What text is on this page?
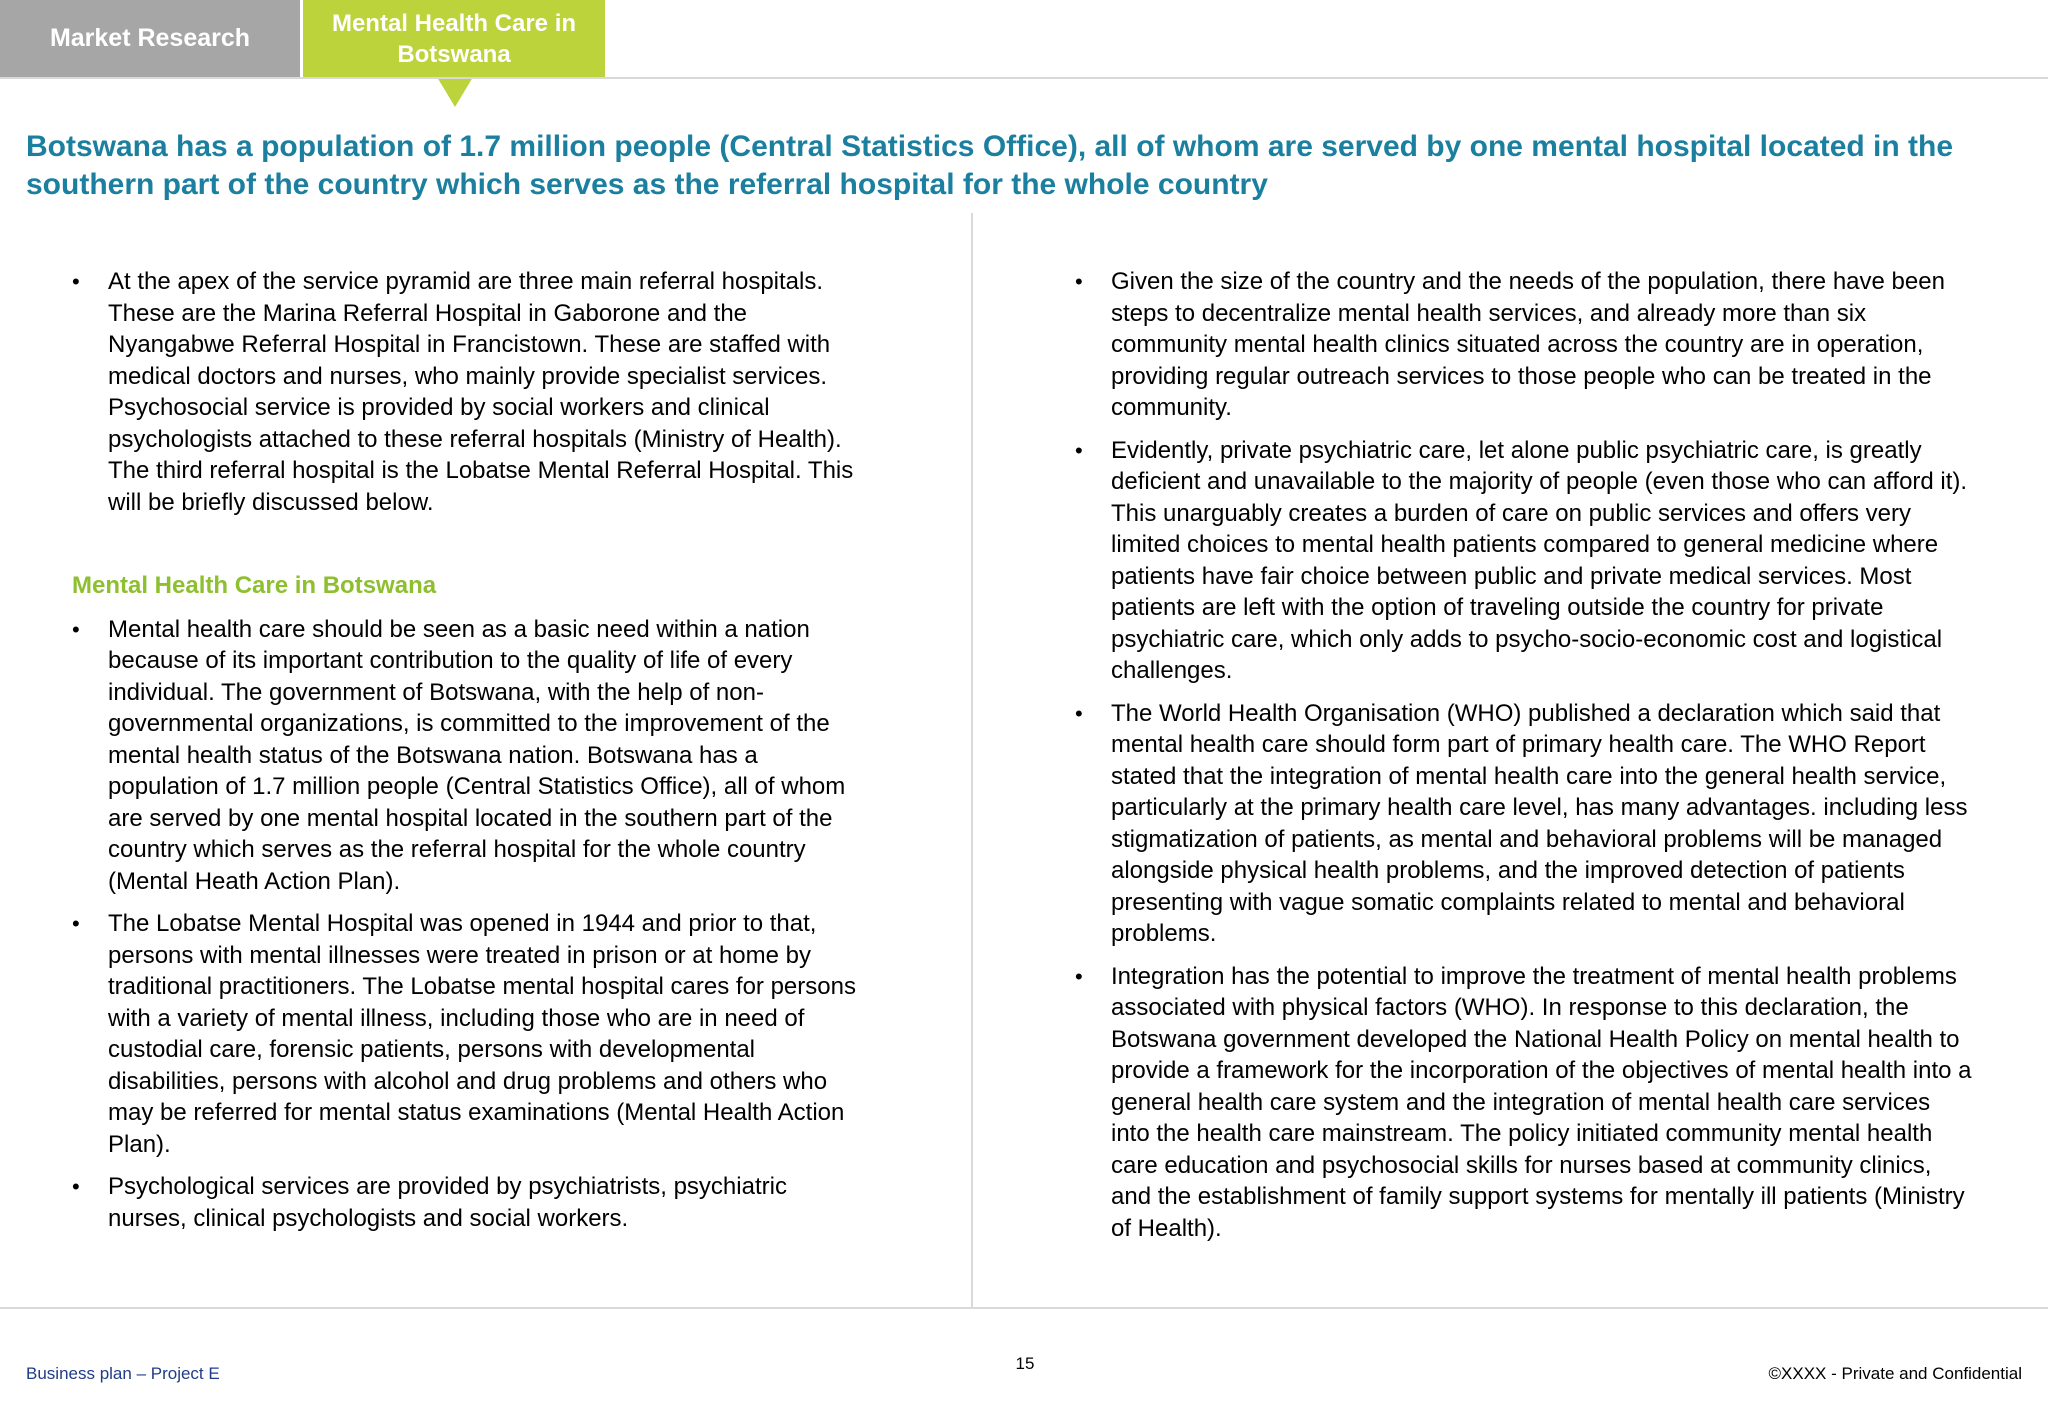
Market Research
Mental Health Care in Botswana
Botswana has a population of 1.7 million people (Central Statistics Office), all of whom are served by one mental hospital located in the southern part of the country which serves as the referral hospital for the whole country
• At the apex of the service pyramid are three main referral hospitals. These are the Marina Referral Hospital in Gaborone and the Nyangabwe Referral Hospital in Francistown. These are staffed with medical doctors and nurses, who mainly provide specialist services. Psychosocial service is provided by social workers and clinical psychologists attached to these referral hospitals (Ministry of Health). The third referral hospital is the Lobatse Mental Referral Hospital. This will be briefly discussed below.
Mental Health Care in Botswana
• Mental health care should be seen as a basic need within a nation because of its important contribution to the quality of life of every individual. The government of Botswana, with the help of non-governmental organizations, is committed to the improvement of the mental health status of the Botswana nation. Botswana has a population of 1.7 million people (Central Statistics Office), all of whom are served by one mental hospital located in the southern part of the country which serves as the referral hospital for the whole country (Mental Heath Action Plan).
• The Lobatse Mental Hospital was opened in 1944 and prior to that, persons with mental illnesses were treated in prison or at home by traditional practitioners. The Lobatse mental hospital cares for persons with a variety of mental illness, including those who are in need of custodial care, forensic patients, persons with developmental disabilities, persons with alcohol and drug problems and others who may be referred for mental status examinations (Mental Health Action Plan).
• Psychological services are provided by psychiatrists, psychiatric nurses, clinical psychologists and social workers.
• Given the size of the country and the needs of the population, there have been steps to decentralize mental health services, and already more than six community mental health clinics situated across the country are in operation, providing regular outreach services to those people who can be treated in the community.
• Evidently, private psychiatric care, let alone public psychiatric care, is greatly deficient and unavailable to the majority of people (even those who can afford it). This unarguably creates a burden of care on public services and offers very limited choices to mental health patients compared to general medicine where patients have fair choice between public and private medical services. Most patients are left with the option of traveling outside the country for private psychiatric care, which only adds to psycho-socio-economic cost and logistical challenges.
• The World Health Organisation (WHO) published a declaration which said that mental health care should form part of primary health care. The WHO Report stated that the integration of mental health care into the general health service, particularly at the primary health care level, has many advantages. including less stigmatization of patients, as mental and behavioral problems will be managed alongside physical health problems, and the improved detection of patients presenting with vague somatic complaints related to mental and behavioral problems.
• Integration has the potential to improve the treatment of mental health problems associated with physical factors (WHO). In response to this declaration, the Botswana government developed the National Health Policy on mental health to provide a framework for the incorporation of the objectives of mental health into a general health care system and the integration of mental health care services into the health care mainstream. The policy initiated community mental health care education and psychosocial skills for nurses based at community clinics, and the establishment of family support systems for mentally ill patients (Ministry of Health).
Business plan – Project E
15
©XXXX - Private and Confidential
